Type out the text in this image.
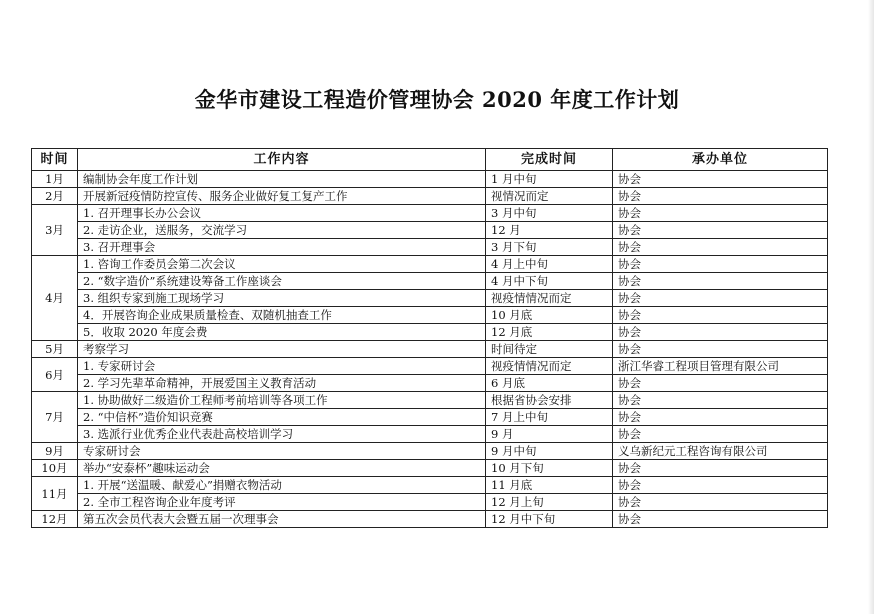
金华市建设工程造价管理协会 2020 年度工作计划
时间	工作内容	完成时间	承办单位
1月	编制协会年度工作计划	1 月中旬	协会
2月	开展新冠疫情防控宣传、服务企业做好复工复产工作	视情况而定	协会
3月	1. 召开理事长办公会议	3 月中旬	协会
	2. 走访企业，送服务，交流学习	12 月	协会
	3. 召开理事会	3 月下旬	协会
4月	1. 咨询工作委员会第二次会议	4 月上中旬	协会
	2. “数字造价”系统建设筹备工作座谈会	4 月中下旬	协会
	3. 组织专家到施工现场学习	视疫情情况而定	协会
	4．开展咨询企业成果质量检查、双随机抽查工作	10 月底	协会
	5．收取 2020 年度会费	12 月底	协会
5月	考察学习	时间待定	协会
6月	1. 专家研讨会	视疫情情况而定	浙江华睿工程项目管理有限公司
	2. 学习先辈革命精神，开展爱国主义教育活动	6 月底	协会
7月	1. 协助做好二级造价工程师考前培训等各项工作	根据省协会安排	协会
	2. “中信杯”造价知识竞赛	7 月上中旬	协会
	3. 选派行业优秀企业代表赴高校培训学习	9 月	协会
9月	专家研讨会	9 月中旬	义乌新纪元工程咨询有限公司
10月	举办“安泰杯”趣味运动会	10 月下旬	协会
11月	1. 开展“送温暖、献爱心”捐赠衣物活动	11 月底	协会
	2. 全市工程咨询企业年度考评	12 月上旬	协会
12月	第五次会员代表大会暨五届一次理事会	12 月中下旬	协会
